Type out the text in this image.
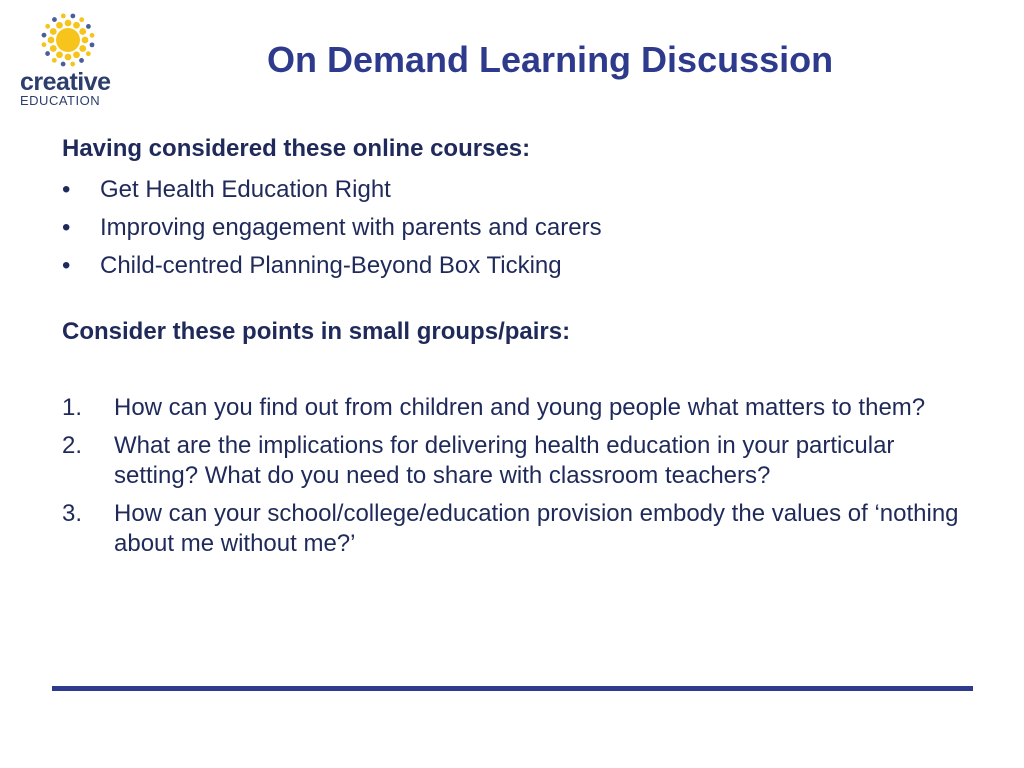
creative
EDUCATION
On Demand Learning Discussion
Having considered these online courses:
• Get Health Education Right
• Improving engagement with parents and carers
• Child-centred Planning-Beyond Box Ticking
Consider these points in small groups/pairs:
1. How can you find out from children and young people what matters to them?
2. What are the implications for delivering health education in your particular setting? What do you need to share with classroom teachers?
3. How can your school/college/education provision embody the values of ‘nothing about me without me?’
